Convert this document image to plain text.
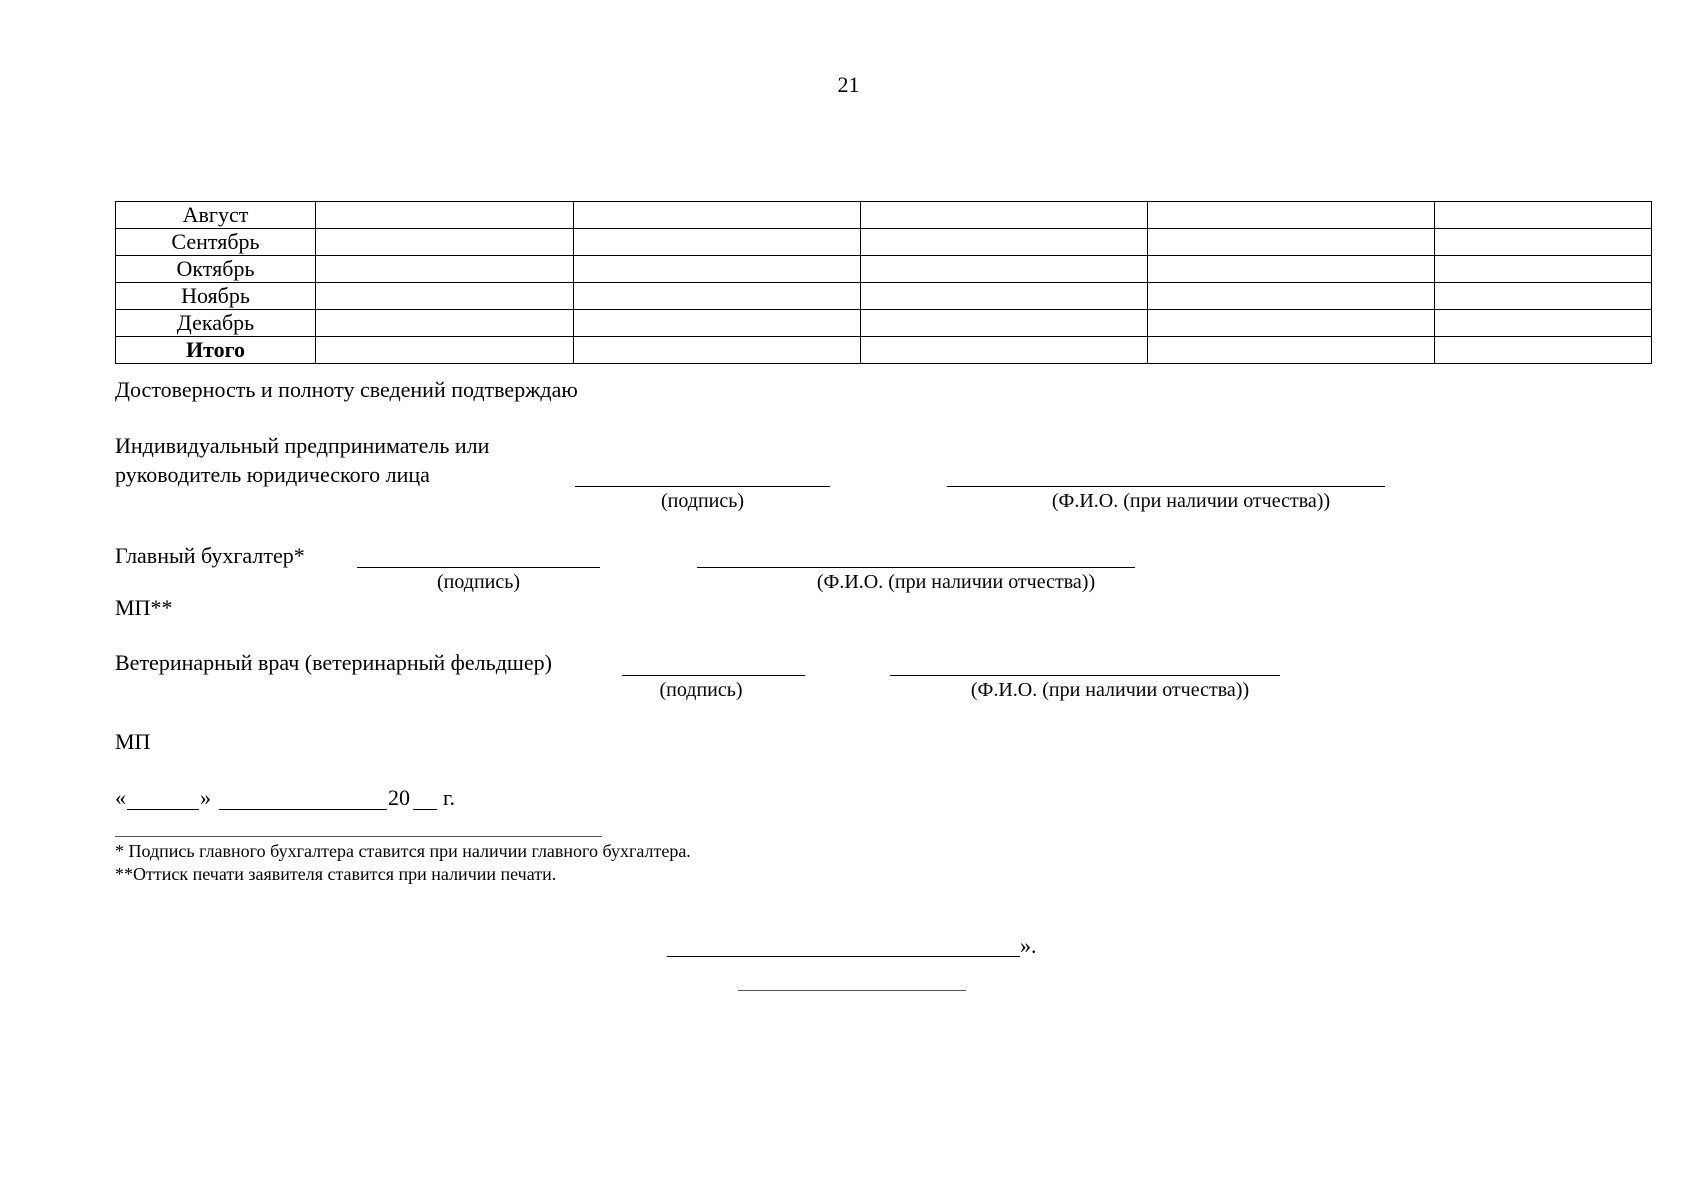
21
Август					
Сентябрь					
Октябрь					
Ноябрь					
Декабрь					
Итого					
Достоверность и полноту сведений подтверждаю
Индивидуальный предприниматель или
руководитель юридического лица
(подпись)	(Ф.И.О. (при наличии отчества))
Главный бухгалтер*
(подпись)	(Ф.И.О. (при наличии отчества))
МП**
Ветеринарный врач (ветеринарный фельдшер)
(подпись)	(Ф.И.О. (при наличии отчества))
МП
«	»	20 г.
* Подпись главного бухгалтера ставится при наличии главного бухгалтера.
**Оттиск печати заявителя ставится при наличии печати.
».
